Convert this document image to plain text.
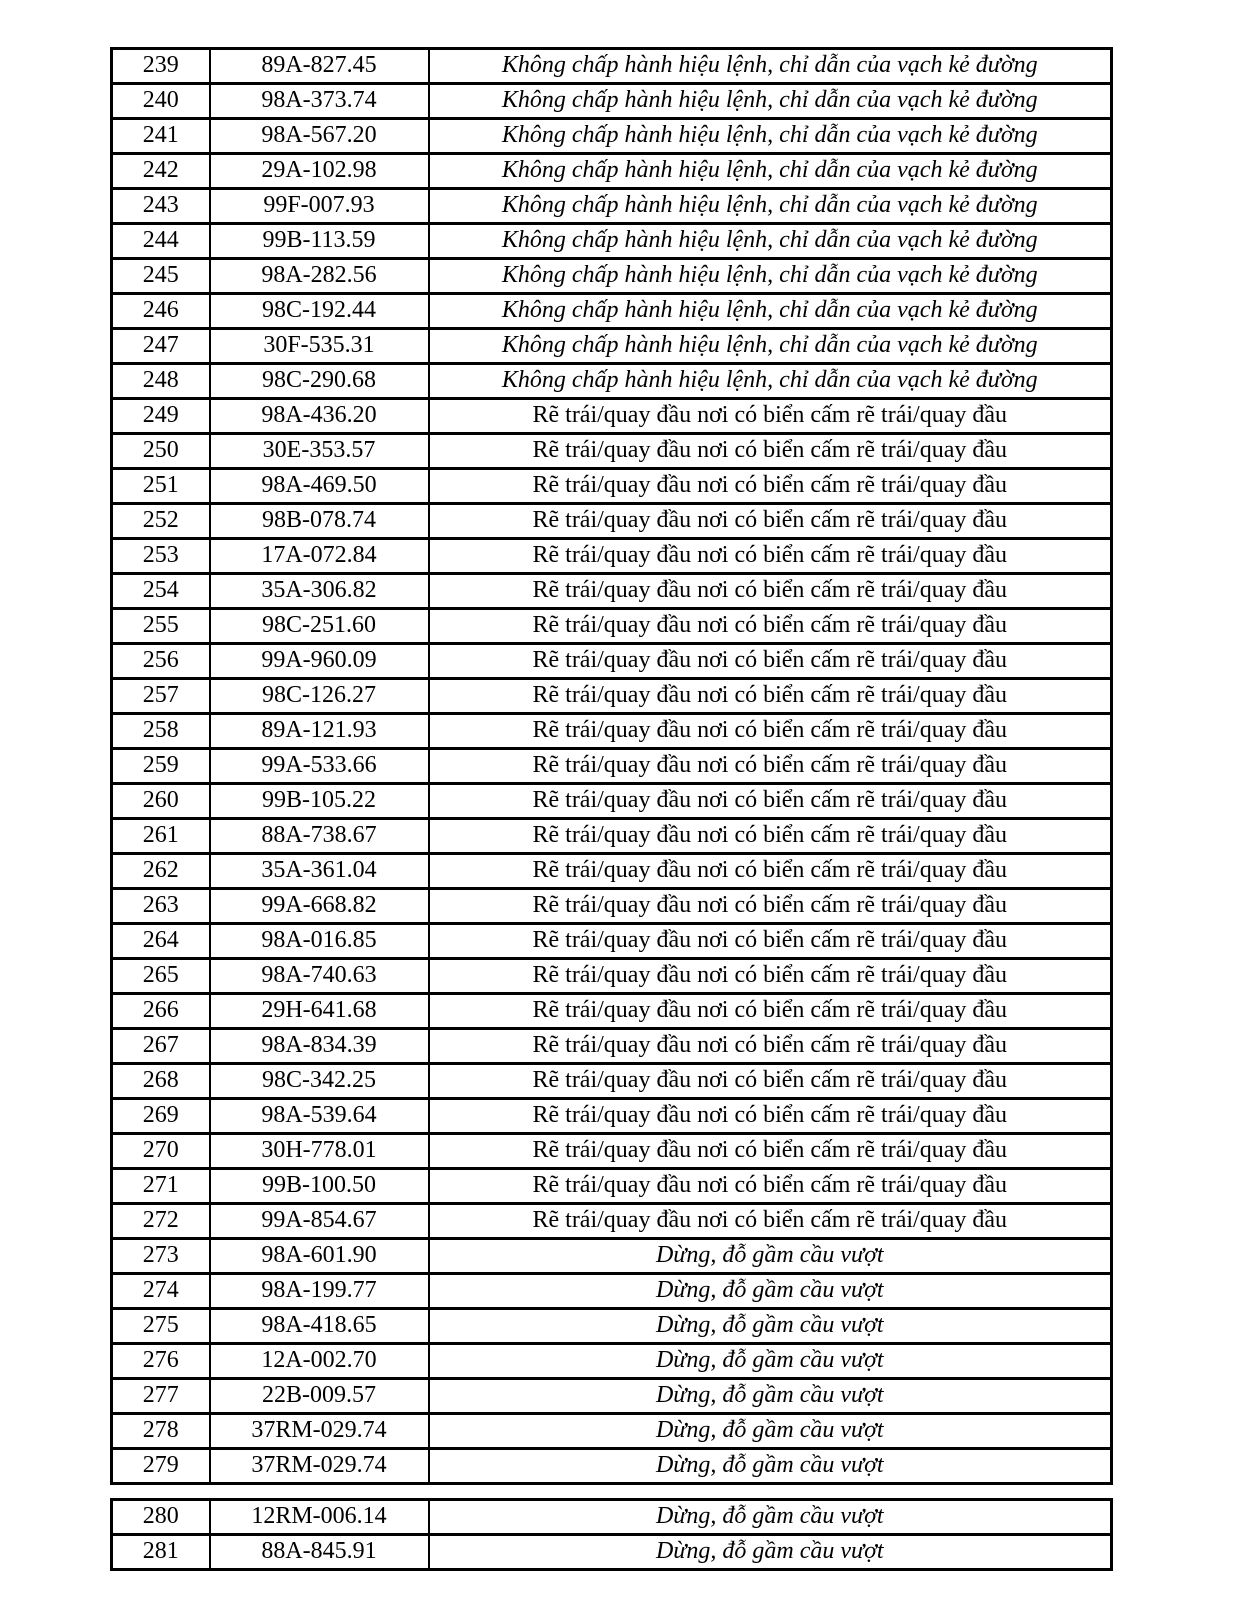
239	89A-827.45	Không chấp hành hiệu lệnh, chỉ dẫn của vạch kẻ đường
240	98A-373.74	Không chấp hành hiệu lệnh, chỉ dẫn của vạch kẻ đường
241	98A-567.20	Không chấp hành hiệu lệnh, chỉ dẫn của vạch kẻ đường
242	29A-102.98	Không chấp hành hiệu lệnh, chỉ dẫn của vạch kẻ đường
243	99F-007.93	Không chấp hành hiệu lệnh, chỉ dẫn của vạch kẻ đường
244	99B-113.59	Không chấp hành hiệu lệnh, chỉ dẫn của vạch kẻ đường
245	98A-282.56	Không chấp hành hiệu lệnh, chỉ dẫn của vạch kẻ đường
246	98C-192.44	Không chấp hành hiệu lệnh, chỉ dẫn của vạch kẻ đường
247	30F-535.31	Không chấp hành hiệu lệnh, chỉ dẫn của vạch kẻ đường
248	98C-290.68	Không chấp hành hiệu lệnh, chỉ dẫn của vạch kẻ đường
249	98A-436.20	Rẽ trái/quay đầu nơi có biển cấm rẽ trái/quay đầu
250	30E-353.57	Rẽ trái/quay đầu nơi có biển cấm rẽ trái/quay đầu
251	98A-469.50	Rẽ trái/quay đầu nơi có biển cấm rẽ trái/quay đầu
252	98B-078.74	Rẽ trái/quay đầu nơi có biển cấm rẽ trái/quay đầu
253	17A-072.84	Rẽ trái/quay đầu nơi có biển cấm rẽ trái/quay đầu
254	35A-306.82	Rẽ trái/quay đầu nơi có biển cấm rẽ trái/quay đầu
255	98C-251.60	Rẽ trái/quay đầu nơi có biển cấm rẽ trái/quay đầu
256	99A-960.09	Rẽ trái/quay đầu nơi có biển cấm rẽ trái/quay đầu
257	98C-126.27	Rẽ trái/quay đầu nơi có biển cấm rẽ trái/quay đầu
258	89A-121.93	Rẽ trái/quay đầu nơi có biển cấm rẽ trái/quay đầu
259	99A-533.66	Rẽ trái/quay đầu nơi có biển cấm rẽ trái/quay đầu
260	99B-105.22	Rẽ trái/quay đầu nơi có biển cấm rẽ trái/quay đầu
261	88A-738.67	Rẽ trái/quay đầu nơi có biển cấm rẽ trái/quay đầu
262	35A-361.04	Rẽ trái/quay đầu nơi có biển cấm rẽ trái/quay đầu
263	99A-668.82	Rẽ trái/quay đầu nơi có biển cấm rẽ trái/quay đầu
264	98A-016.85	Rẽ trái/quay đầu nơi có biển cấm rẽ trái/quay đầu
265	98A-740.63	Rẽ trái/quay đầu nơi có biển cấm rẽ trái/quay đầu
266	29H-641.68	Rẽ trái/quay đầu nơi có biển cấm rẽ trái/quay đầu
267	98A-834.39	Rẽ trái/quay đầu nơi có biển cấm rẽ trái/quay đầu
268	98C-342.25	Rẽ trái/quay đầu nơi có biển cấm rẽ trái/quay đầu
269	98A-539.64	Rẽ trái/quay đầu nơi có biển cấm rẽ trái/quay đầu
270	30H-778.01	Rẽ trái/quay đầu nơi có biển cấm rẽ trái/quay đầu
271	99B-100.50	Rẽ trái/quay đầu nơi có biển cấm rẽ trái/quay đầu
272	99A-854.67	Rẽ trái/quay đầu nơi có biển cấm rẽ trái/quay đầu
273	98A-601.90	Dừng, đỗ gầm cầu vượt
274	98A-199.77	Dừng, đỗ gầm cầu vượt
275	98A-418.65	Dừng, đỗ gầm cầu vượt
276	12A-002.70	Dừng, đỗ gầm cầu vượt
277	22B-009.57	Dừng, đỗ gầm cầu vượt
278	37RM-029.74	Dừng, đỗ gầm cầu vượt
279	37RM-029.74	Dừng, đỗ gầm cầu vượt
280	12RM-006.14	Dừng, đỗ gầm cầu vượt
281	88A-845.91	Dừng, đỗ gầm cầu vượt
